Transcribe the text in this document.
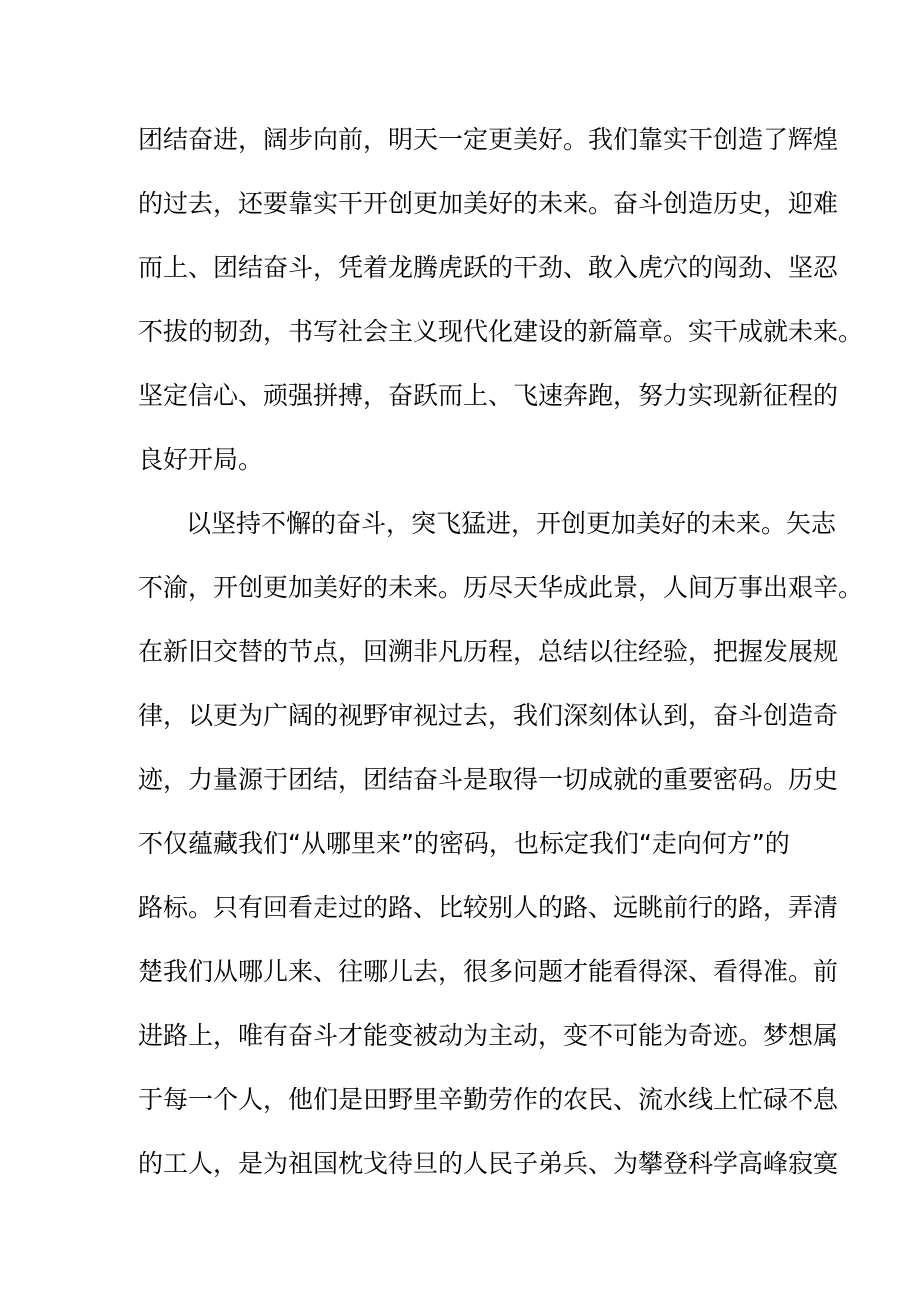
团结奋进，阔步向前，明天一定更美好。我们靠实干创造了辉煌
的过去，还要靠实干开创更加美好的未来。奋斗创造历史，迎难
而上、团结奋斗，凭着龙腾虎跃的干劲、敢入虎穴的闯劲、坚忍
不拔的韧劲，书写社会主义现代化建设的新篇章。实干成就未来。
坚定信心、顽强拼搏，奋跃而上、飞速奔跑，努力实现新征程的
良好开局。
以坚持不懈的奋斗，突飞猛进，开创更加美好的未来。矢志
不渝，开创更加美好的未来。历尽天华成此景，人间万事出艰辛。
在新旧交替的节点，回溯非凡历程，总结以往经验，把握发展规
律，以更为广阔的视野审视过去，我们深刻体认到，奋斗创造奇
迹，力量源于团结，团结奋斗是取得一切成就的重要密码。历史
不仅蕴藏我们“从哪里来”的密码，也标定我们“走向何方”的
路标。只有回看走过的路、比较别人的路、远眺前行的路，弄清
楚我们从哪儿来、往哪儿去，很多问题才能看得深、看得准。前
进路上，唯有奋斗才能变被动为主动，变不可能为奇迹。梦想属
于每一个人，他们是田野里辛勤劳作的农民、流水线上忙碌不息
的工人，是为祖国枕戈待旦的人民子弟兵、为攀登科学高峰寂寞
